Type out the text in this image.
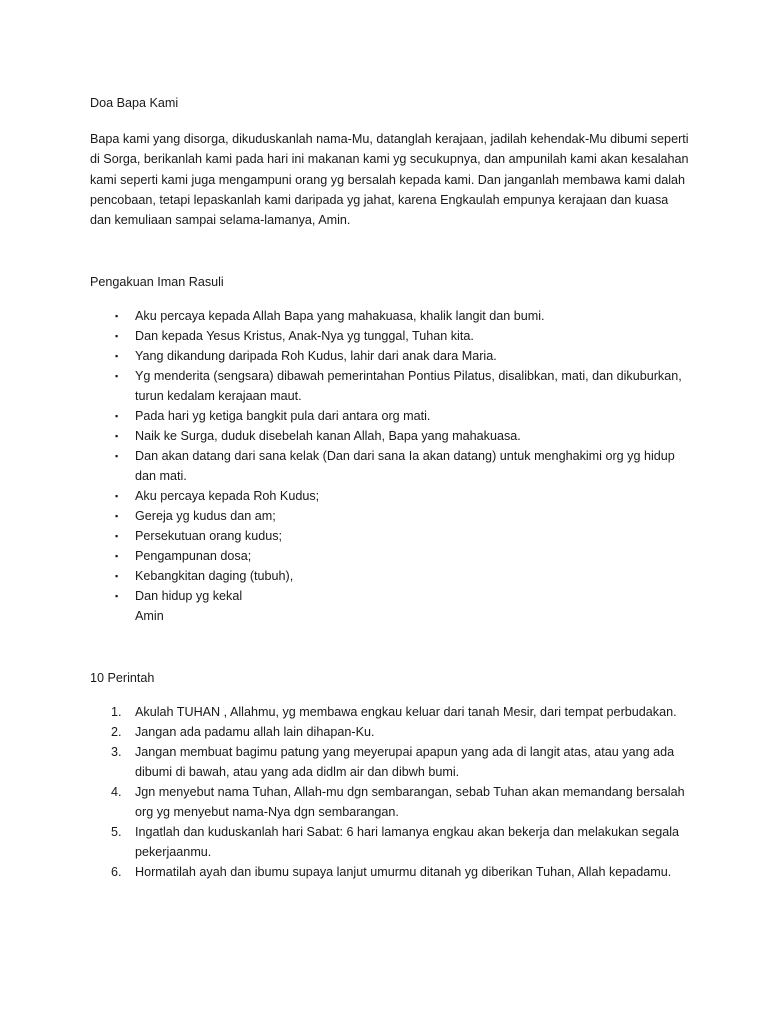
Doa Bapa Kami

Bapa kami yang disorga, dikuduskanlah nama-Mu, datanglah kerajaan, jadilah kehendak-Mu dibumi seperti di Sorga, berikanlah kami pada hari ini makanan kami yg secukupnya, dan ampunilah kami akan kesalahan kami seperti kami juga mengampuni orang yg bersalah kepada kami. Dan janganlah membawa kami dalah pencobaan, tetapi lepaskanlah kami daripada yg jahat, karena Engkaulah empunya kerajaan dan kuasa dan kemuliaan sampai selama-lamanya, Amin.

Pengakuan Iman Rasuli

▪	Aku percaya kepada Allah Bapa yang mahakuasa, khalik langit dan bumi.
▪	Dan kepada Yesus Kristus, Anak-Nya yg tunggal, Tuhan kita.
▪	Yang dikandung daripada Roh Kudus, lahir dari anak dara Maria.
▪	Yg menderita (sengsara) dibawah pemerintahan Pontius Pilatus, disalibkan, mati, dan dikuburkan, turun kedalam kerajaan maut.
▪	Pada hari yg ketiga bangkit pula dari antara org mati.
▪	Naik ke Surga, duduk disebelah kanan Allah, Bapa yang mahakuasa.
▪	Dan akan datang dari sana kelak (Dan dari sana Ia akan datang) untuk menghakimi org yg hidup dan mati.
▪	Aku percaya kepada Roh Kudus;
▪	Gereja yg kudus dan am;
▪	Persekutuan orang kudus;
▪	Pengampunan dosa;
▪	Kebangkitan daging (tubuh),
▪	Dan hidup yg kekal
Amin

10 Perintah

1.	Akulah TUHAN , Allahmu, yg membawa engkau keluar dari tanah Mesir, dari tempat perbudakan.
2.	Jangan ada padamu allah lain dihapan-Ku.
3.	Jangan membuat bagimu patung yang meyerupai apapun yang ada di langit atas, atau yang ada dibumi di bawah, atau yang ada didlm air dan dibwh bumi.
4.	Jgn menyebut nama Tuhan, Allah-mu dgn sembarangan, sebab Tuhan akan memandang bersalah org yg menyebut nama-Nya dgn sembarangan.
5.	Ingatlah dan kuduskanlah hari Sabat: 6 hari lamanya engkau akan bekerja dan melakukan segala pekerjaanmu.
6.	Hormatilah ayah dan ibumu supaya lanjut umurmu ditanah yg diberikan Tuhan, Allah kepadamu.
